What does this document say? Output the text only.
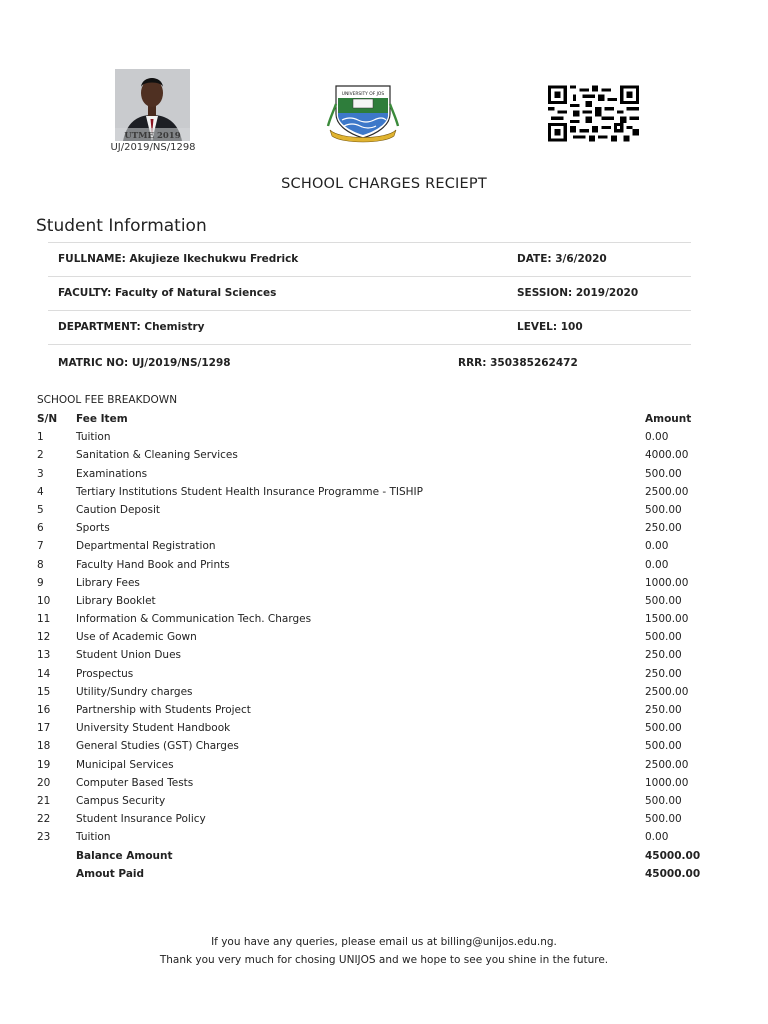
UTME 2019
UJ/2019/NS/1298
UNIVERSITY OF JOS
SCHOOL CHARGES RECIEPT
Student Information
FULLNAME: Akujieze Ikechukwu Fredrick	DATE: 3/6/2020
FACULTY: Faculty of Natural Sciences	SESSION: 2019/2020
DEPARTMENT: Chemistry	LEVEL: 100
MATRIC NO: UJ/2019/NS/1298	RRR: 350385262472
SCHOOL FEE BREAKDOWN
S/N Fee Item	Amount
1	Tuition	0.00
2	Sanitation & Cleaning Services	4000.00
3	Examinations	500.00
4	Tertiary Institutions Student Health Insurance Programme - TISHIP	2500.00
5	Caution Deposit	500.00
6	Sports	250.00
7	Departmental Registration	0.00
8	Faculty Hand Book and Prints	0.00
9	Library Fees	1000.00
10 Library Booklet	500.00
11 Information & Communication Tech. Charges	1500.00
12 Use of Academic Gown	500.00
13 Student Union Dues	250.00
14 Prospectus	250.00
15 Utility/Sundry charges	2500.00
16 Partnership with Students Project	250.00
17 University Student Handbook	500.00
18 General Studies (GST) Charges	500.00
19 Municipal Services	2500.00
20 Computer Based Tests	1000.00
21 Campus Security	500.00
22 Student Insurance Policy	500.00
23 Tuition	0.00
Balance Amount	45000.00
Amout Paid	45000.00
If you have any queries, please email us at billing@unijos.edu.ng.
Thank you very much for chosing UNIJOS and we hope to see you shine in the future.
